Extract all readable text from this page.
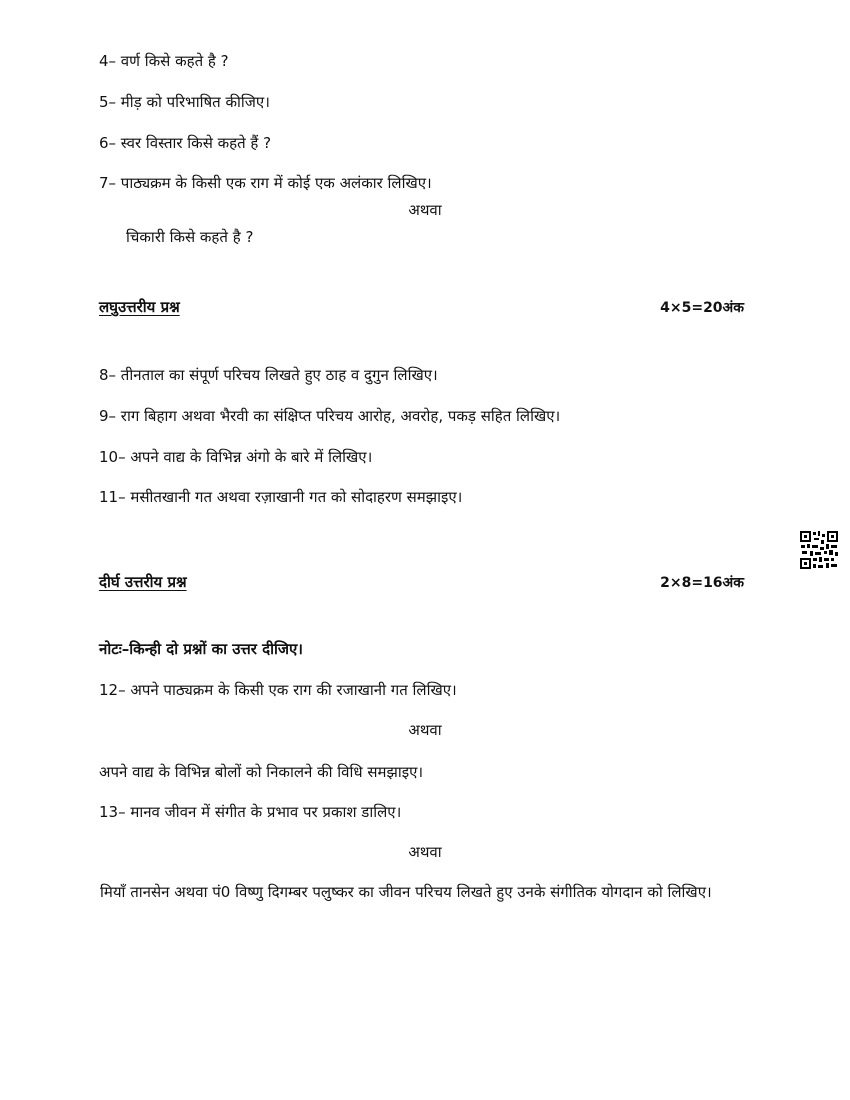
4– वर्ण किसे कहते है ?
5– मीड़ को परिभाषित कीजिए।
6– स्वर विस्तार किसे कहते हैं ?
7– पाठ्यक्रम के किसी एक राग में कोई एक अलंकार लिखिए।
अथवा
चिकारी किसे कहते है ?
लघुउत्तरीय प्रश्न	4×5=20अंक
8– तीनताल का संपूर्ण परिचय लिखते हुए ठाह व दुगुन लिखिए।
9– राग बिहाग अथवा भैरवी का संक्षिप्त परिचय आरोह, अवरोह, पकड़ सहित लिखिए।
10– अपने वाद्य के विभिन्न अंगो के बारे में लिखिए।
11– मसीतखानी गत अथवा रज़ाखानी गत को सोदाहरण समझाइए।
दीर्घ उत्तरीय प्रश्न	2×8=16अंक
नोटः–किन्ही दो प्रश्नों का उत्तर दीजिए।
12– अपने पाठ्यक्रम के किसी एक राग की रजाखानी गत लिखिए।
अथवा
अपने वाद्य के विभिन्न बोलों को निकालने की विधि समझाइए।
13– मानव जीवन में संगीत के प्रभाव पर प्रकाश डालिए।
अथवा
मियाँ तानसेन अथवा पं0 विष्णु दिगम्बर पलुष्कर का जीवन परिचय लिखते हुए उनके संगीतिक योगदान को लिखिए।
